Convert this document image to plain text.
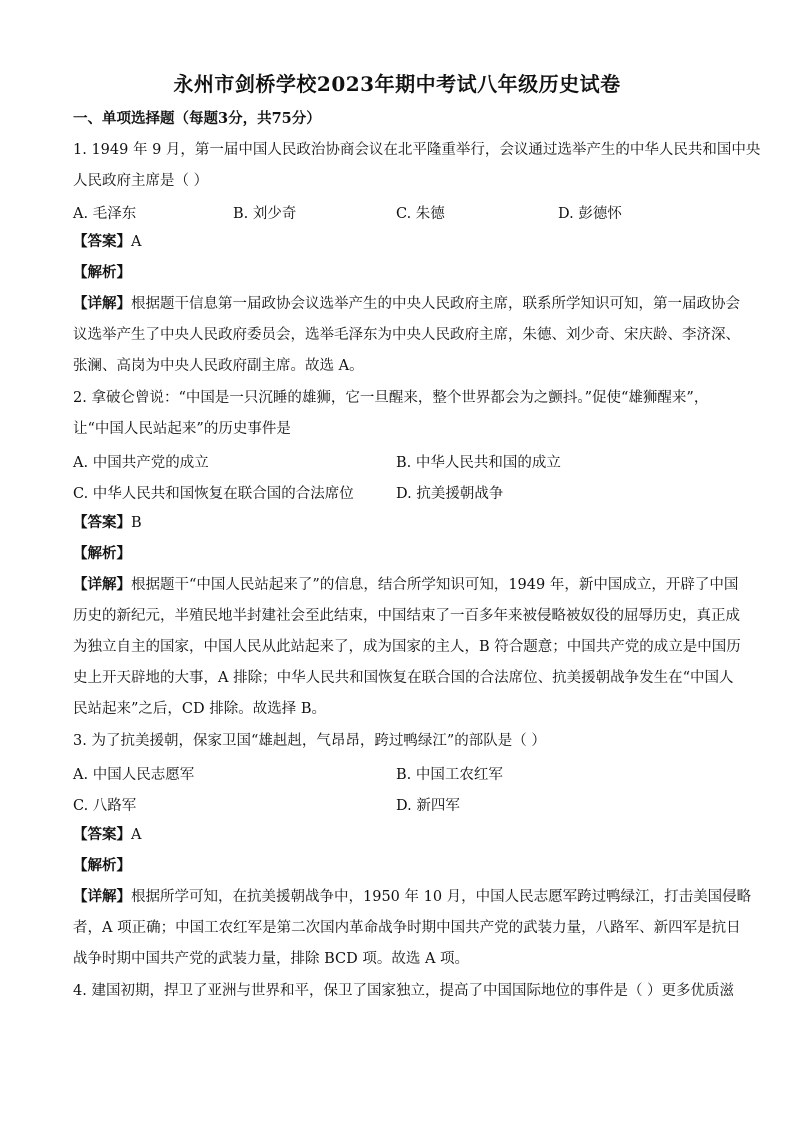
永州市剑桥学校2023年期中考试八年级历史试卷
一、单项选择题（每题3分，共75分）
1. 1949 年 9 月，第一届中国人民政治协商会议在北平隆重举行，会议通过选举产生的中华人民共和国中央
人民政府主席是（ ）
A. 毛泽东	B. 刘少奇	C. 朱德	D. 彭德怀
【答案】A
【解析】
【详解】根据题干信息第一届政协会议选举产生的中央人民政府主席，联系所学知识可知，第一届政协会
议选举产生了中央人民政府委员会，选举毛泽东为中央人民政府主席，朱德、刘少奇、宋庆龄、李济深、
张澜、高岗为中央人民政府副主席。故选 A。
2. 拿破仑曾说：“中国是一只沉睡的雄狮，它一旦醒来，整个世界都会为之颤抖。”促使“雄狮醒来”，
让“中国人民站起来”的历史事件是
A. 中国共产党的成立	B. 中华人民共和国的成立
C. 中华人民共和国恢复在联合国的合法席位	D. 抗美援朝战争
【答案】B
【解析】
【详解】根据题干“中国人民站起来了”的信息，结合所学知识可知，1949 年，新中国成立，开辟了中国
历史的新纪元，半殖民地半封建社会至此结束，中国结束了一百多年来被侵略被奴役的屈辱历史，真正成
为独立自主的国家，中国人民从此站起来了，成为国家的主人，B 符合题意；中国共产党的成立是中国历
史上开天辟地的大事，A 排除；中华人民共和国恢复在联合国的合法席位、抗美援朝战争发生在“中国人
民站起来”之后，CD 排除。故选择 B。
3. 为了抗美援朝，保家卫国“雄赳赳，气昂昂，跨过鸭绿江”的部队是（ ）
A. 中国人民志愿军	B. 中国工农红军
C. 八路军	D. 新四军
【答案】A
【解析】
【详解】根据所学可知，在抗美援朝战争中，1950 年 10 月，中国人民志愿军跨过鸭绿江，打击美国侵略
者，A 项正确；中国工农红军是第二次国内革命战争时期中国共产党的武装力量，八路军、新四军是抗日
战争时期中国共产党的武装力量，排除 BCD 项。故选 A 项。
4. 建国初期，捍卫了亚洲与世界和平，保卫了国家独立，提高了中国国际地位的事件是（ ）更多优质滋
